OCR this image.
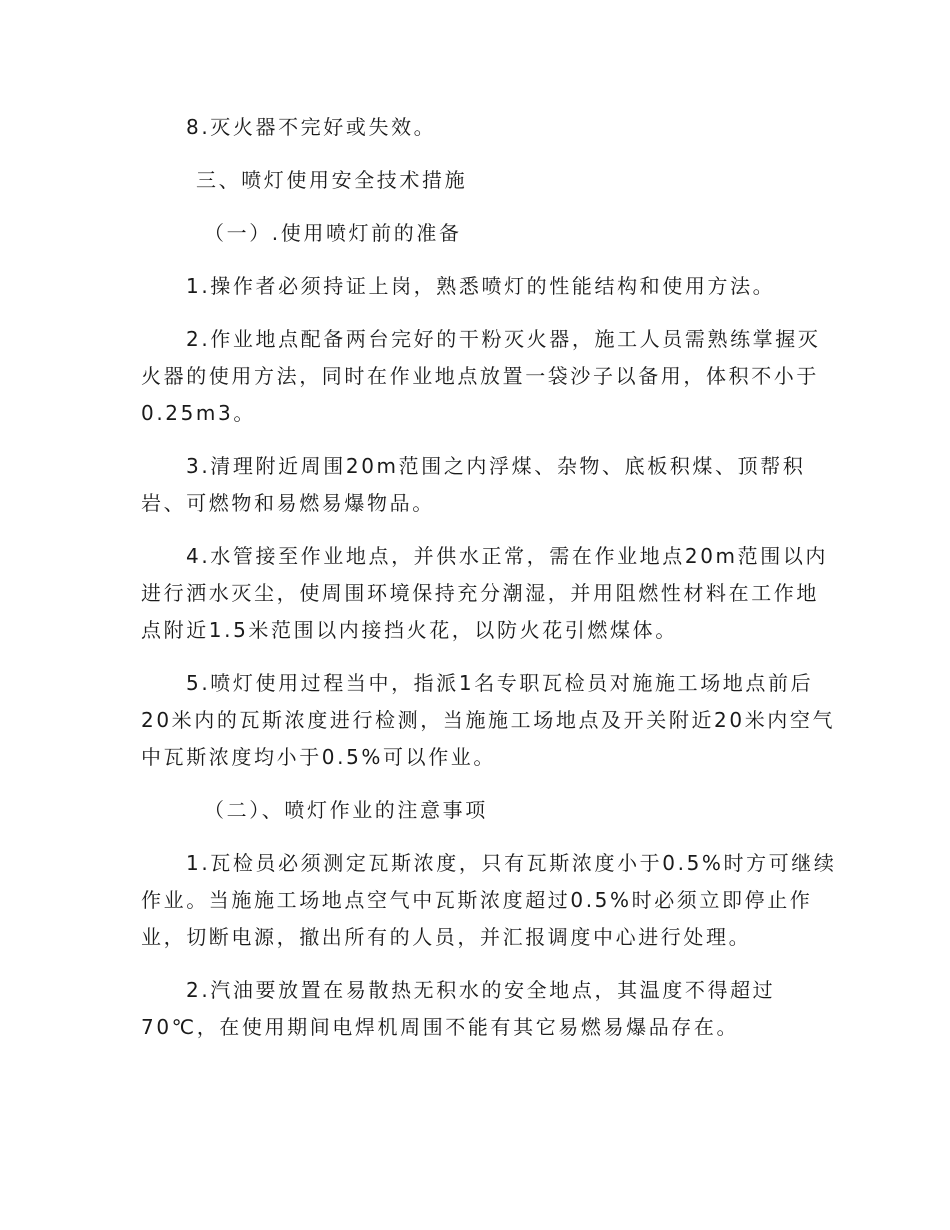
8.灭火器不完好或失效。
三、喷灯使用安全技术措施
（一）.使用喷灯前的准备
1.操作者必须持证上岗，熟悉喷灯的性能结构和使用方法。
2.作业地点配备两台完好的干粉灭火器，施工人员需熟练掌握灭
火器的使用方法，同时在作业地点放置一袋沙子以备用，体积不小于
0.25m3。
3.清理附近周围20m范围之内浮煤、杂物、底板积煤、顶帮积
岩、可燃物和易燃易爆物品。
4.水管接至作业地点，并供水正常，需在作业地点20m范围以内
进行洒水灭尘，使周围环境保持充分潮湿，并用阻燃性材料在工作地
点附近1.5米范围以内接挡火花，以防火花引燃煤体。
5.喷灯使用过程当中，指派1名专职瓦检员对施施工场地点前后
20米内的瓦斯浓度进行检测，当施施工场地点及开关附近20米内空气
中瓦斯浓度均小于0.5%可以作业。
（二）、喷灯作业的注意事项
1.瓦检员必须测定瓦斯浓度，只有瓦斯浓度小于0.5%时方可继续
作业。当施施工场地点空气中瓦斯浓度超过0.5%时必须立即停止作
业，切断电源，撤出所有的人员，并汇报调度中心进行处理。
2.汽油要放置在易散热无积水的安全地点，其温度不得超过
70℃，在使用期间电焊机周围不能有其它易燃易爆品存在。
